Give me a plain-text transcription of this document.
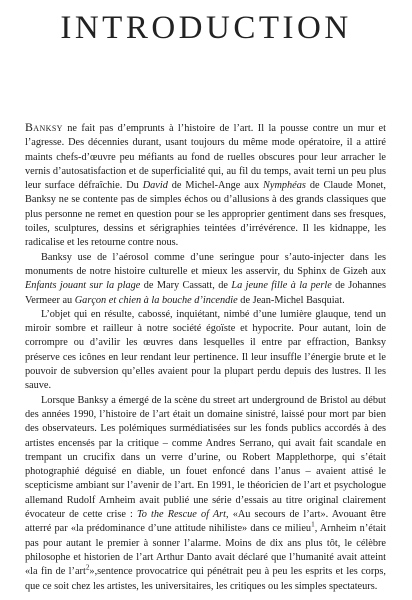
INTRODUCTION

Banksy ne fait pas d’emprunts à l’histoire de l’art. Il la pousse contre un mur et l’agresse. Des décennies durant, usant toujours du même mode opératoire, il a attiré maints chefs-d’œuvre peu méfiants au fond de ruelles obscures pour leur arracher le vernis d’autosatisfaction et de superficialité qui, au fil du temps, avait terni un peu plus leur surface défraîchie. Du David de Michel-Ange aux Nymphéas de Claude Monet, Banksy ne se contente pas de simples échos ou d’allusions à des grands classiques que plus personne ne remet en question pour se les approprier gentiment dans ses fresques, toiles, sculptures, dessins et sérigraphies teintées d’irrévérence. Il les kidnappe, les radicalise et les retourne contre nous.

Banksy use de l’aérosol comme d’une seringue pour s’auto-injecter dans les monuments de notre histoire culturelle et mieux les asservir, du Sphinx de Gizeh aux Enfants jouant sur la plage de Mary Cassatt, de La jeune fille à la perle de Johannes Vermeer au Garçon et chien à la bouche d’incendie de Jean-Michel Basquiat.

L’objet qui en résulte, cabossé, inquiétant, nimbé d’une lumière glauque, tend un miroir sombre et railleur à notre société égoïste et hypocrite. Pour autant, loin de corrompre ou d’avilir les œuvres dans lesquelles il entre par effraction, Banksy préserve ces icônes en leur rendant leur pertinence. Il leur insuffle l’énergie brute et le pouvoir de subversion qu’elles avaient pour la plupart perdu depuis des lustres. Il les sauve.

Lorsque Banksy a émergé de la scène du street art underground de Bristol au début des années 1990, l’histoire de l’art était un domaine sinistré, laissé pour mort par bien des observateurs. Les polémiques surmédiatisées sur les fonds publics accordés à des artistes encensés par la critique – comme Andres Serrano, qui avait fait scandale en trempant un crucifix dans un verre d’urine, ou Robert Mapplethorpe, qui s’était photographié déguisé en diable, un fouet enfoncé dans l’anus – avaient attisé le scepticisme ambiant sur l’avenir de l’art. En 1991, le théoricien de l’art et psychologue allemand Rudolf Arnheim avait publié une série d’essais au titre original clairement évocateur de cette crise : To the Rescue of Art, «Au secours de l’art». Avouant être atterré par «la prédominance d’une attitude nihiliste» dans ce milieu$^1$, Arnheim n’était pas pour autant le premier à sonner l’alarme. Moins de dix ans plus tôt, le célèbre philosophe et historien de l’art Arthur Danto avait déclaré que l’humanité avait atteint «la fin de l’art$^2$»,sentence provocatrice qui pénétrait peu à peu les esprits et les corps, que ce soit chez les artistes, les universitaires, les critiques ou les simples spectateurs.
